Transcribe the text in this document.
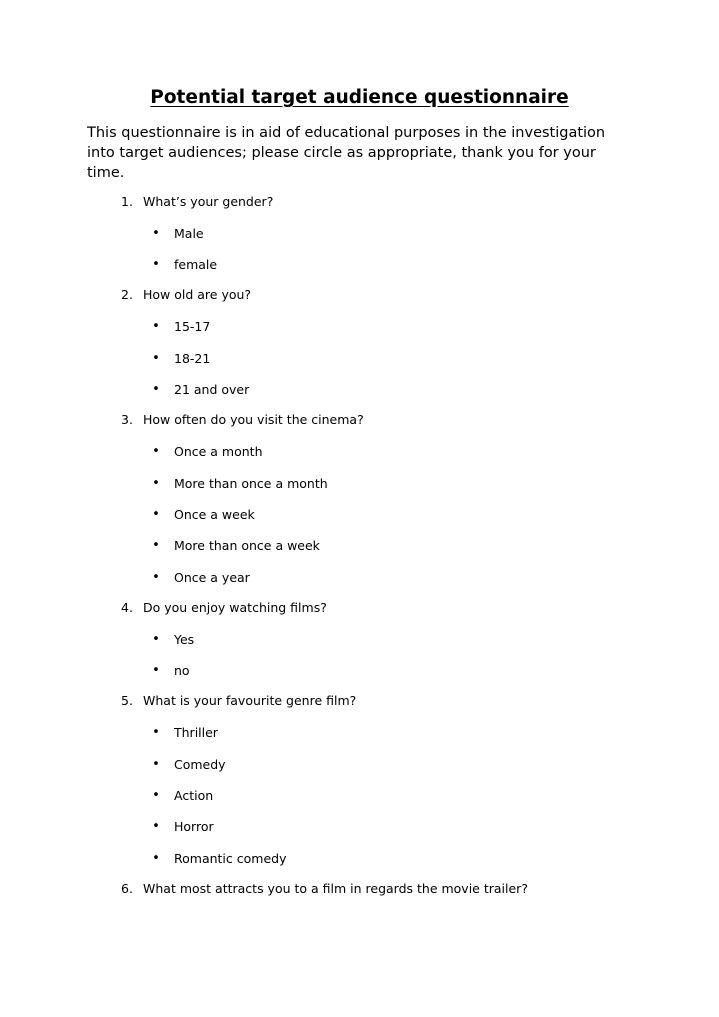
Potential target audience questionnaire

This questionnaire is in aid of educational purposes in the investigation into target audiences; please circle as appropriate, thank you for your time.

1. What’s your gender?
• Male
• female
2. How old are you?
• 15-17
• 18-21
• 21 and over
3. How often do you visit the cinema?
• Once a month
• More than once a month
• Once a week
• More than once a week
• Once a year
4. Do you enjoy watching films?
• Yes
• no
5. What is your favourite genre film?
• Thriller
• Comedy
• Action
• Horror
• Romantic comedy
6. What most attracts you to a film in regards the movie trailer?
